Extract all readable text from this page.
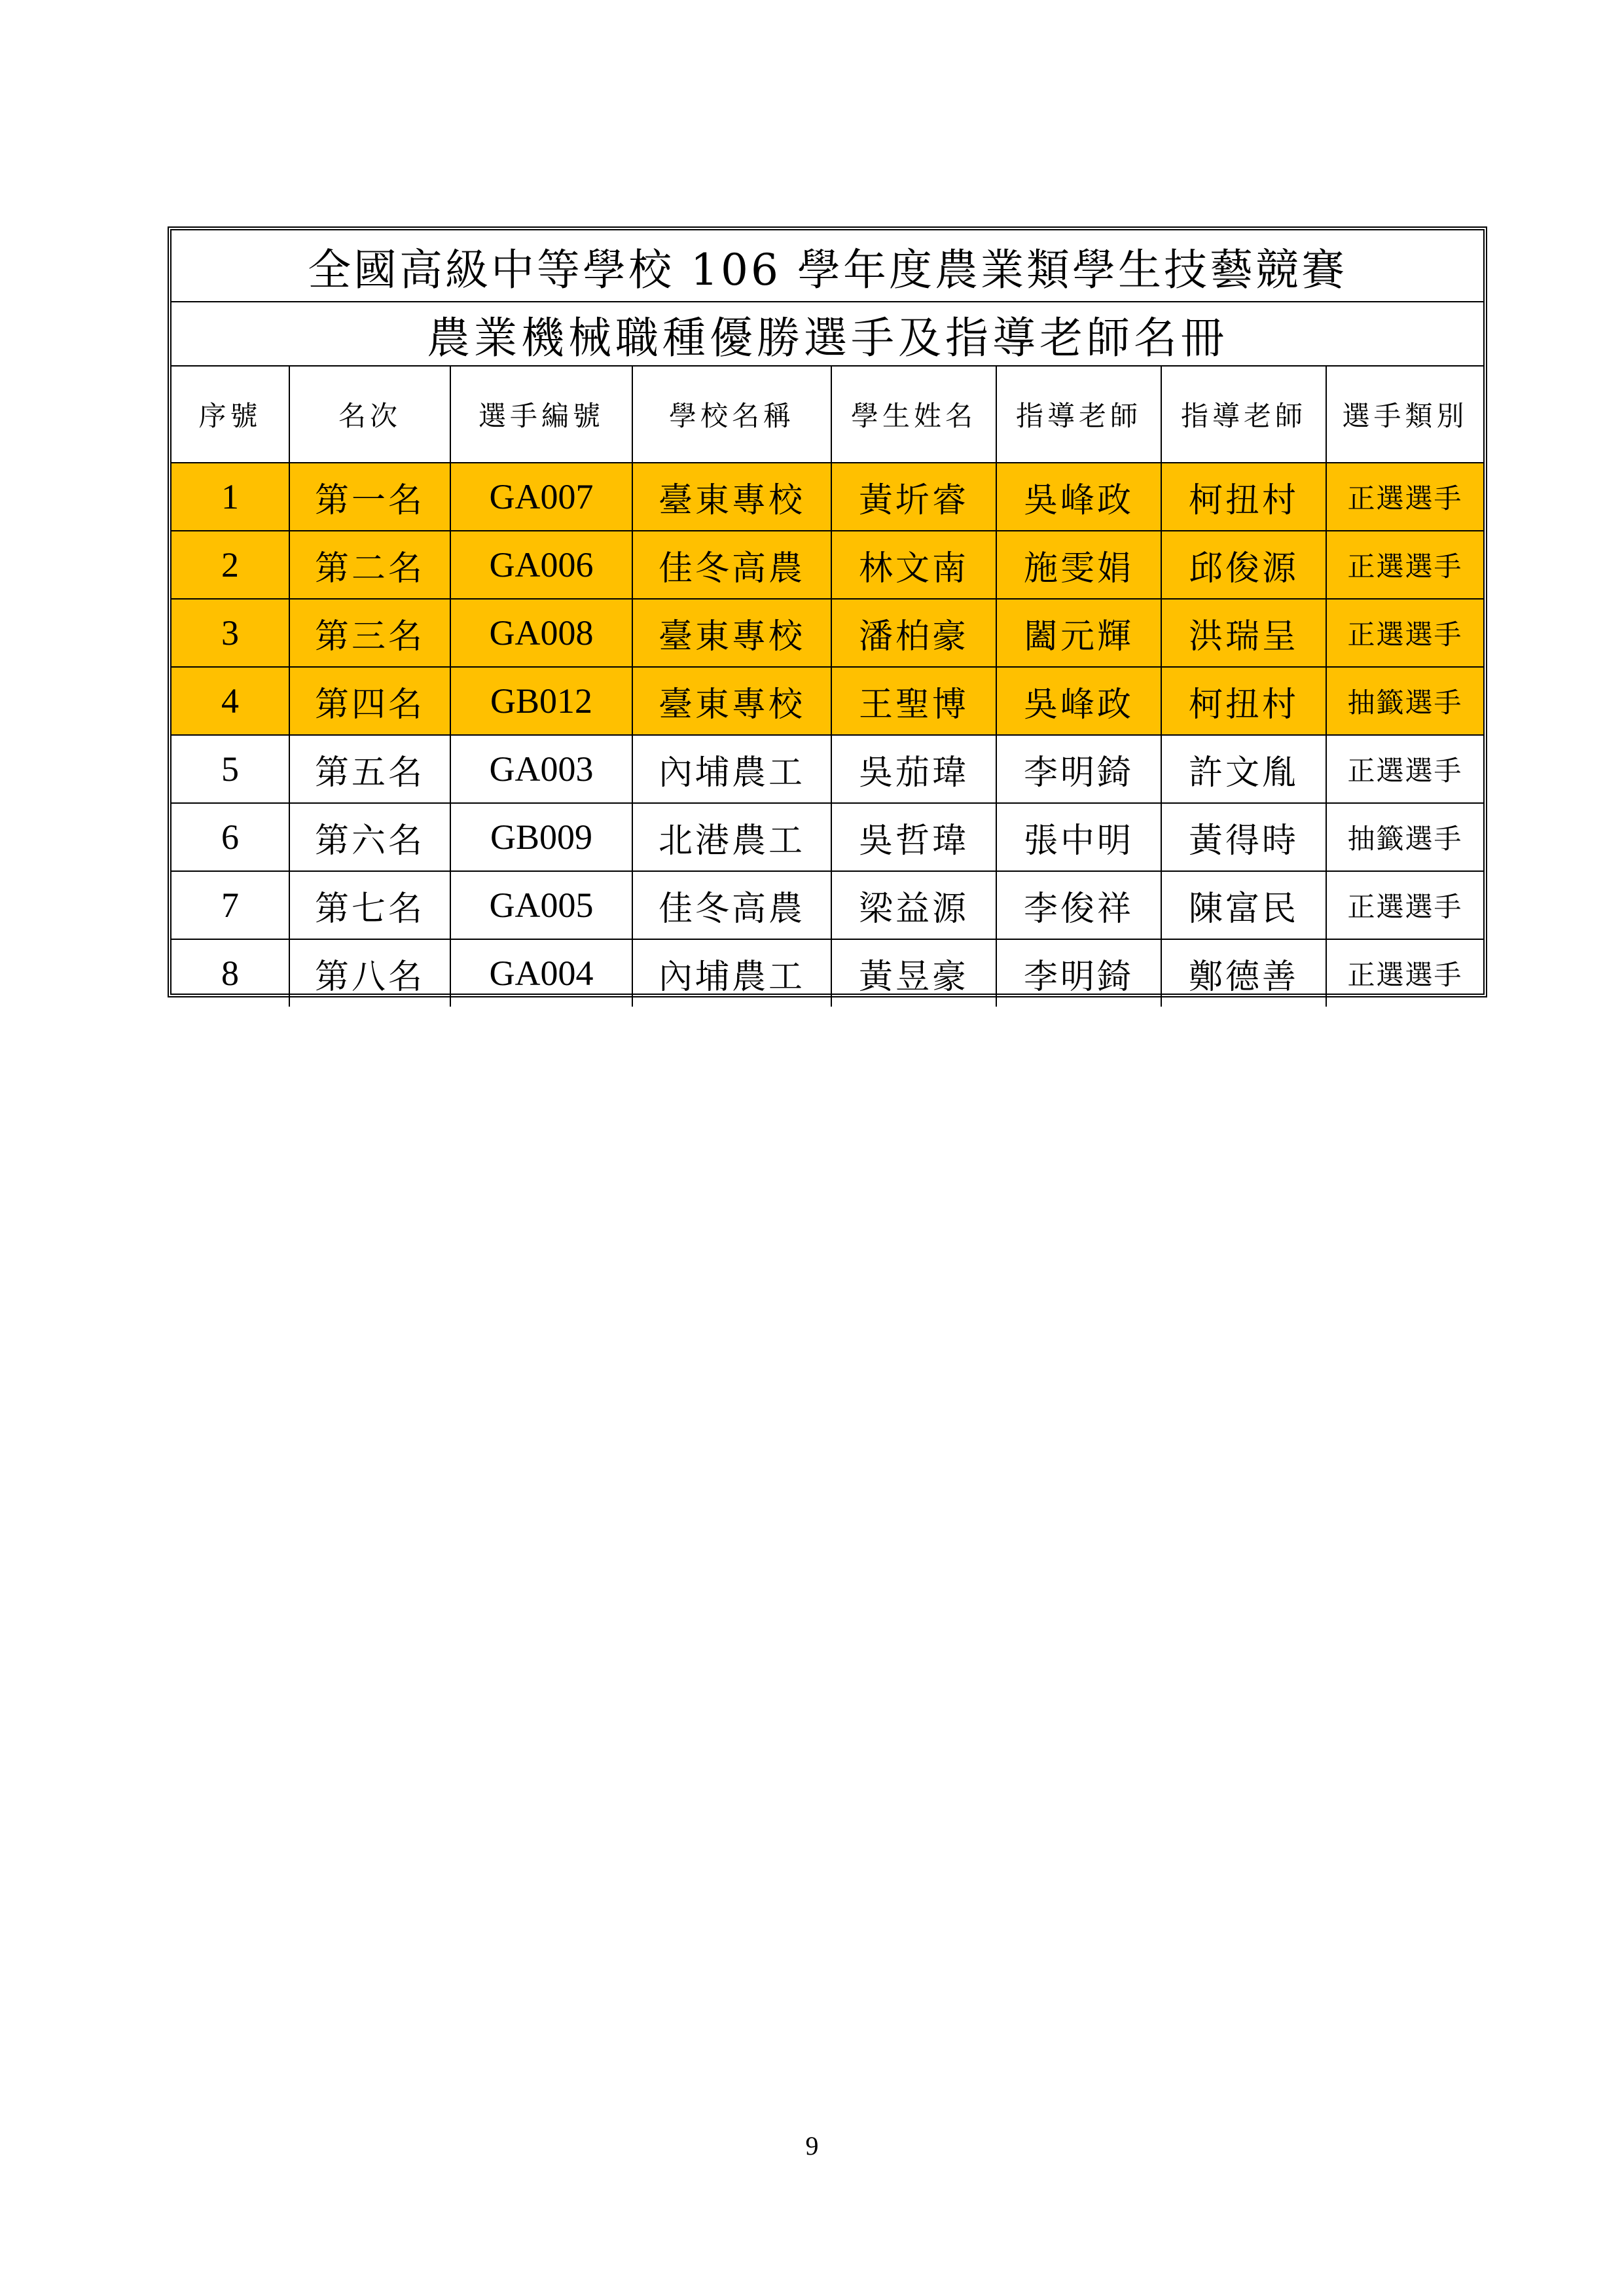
全國高級中等學校 106 學年度農業類學生技藝競賽							
農業機械職種優勝選手及指導老師名冊							
序號	名次	選手編號	學校名稱	學生姓名	指導老師	指導老師	選手類別
1	第一名	GA007	臺東專校	黃圻睿	吳峰政	柯扭村	正選選手
2	第二名	GA006	佳冬高農	林文南	施雯娟	邱俊源	正選選手
3	第三名	GA008	臺東專校	潘柏豪	闔元輝	洪瑞呈	正選選手
4	第四名	GB012	臺東專校	王聖博	吳峰政	柯扭村	抽籤選手
5	第五名	GA003	內埔農工	吳茄瑋	李明錡	許文胤	正選選手
6	第六名	GB009	北港農工	吳哲瑋	張中明	黃得時	抽籤選手
7	第七名	GA005	佳冬高農	梁益源	李俊祥	陳富民	正選選手
8	第八名	GA004	內埔農工	黃昱豪	李明錡	鄭德善	正選選手
9
